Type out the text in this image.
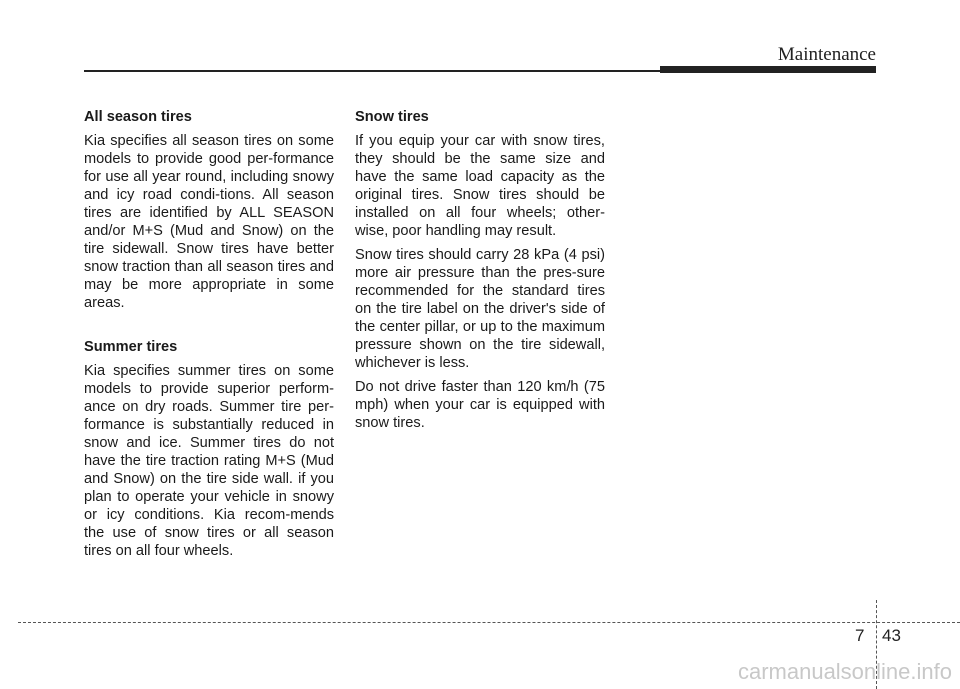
Maintenance
All season tires

Kia specifies all season tires on some models to provide good per-formance for use all year round, including snowy and icy road condi-tions. All season tires are identified by ALL SEASON and/or M+S (Mud and Snow) on the tire sidewall. Snow tires have better snow traction than all season tires and may be more appropriate in some areas.

Summer tires

Kia specifies summer tires on some models to provide superior perform-ance on dry roads. Summer tire per-formance is substantially reduced in snow and ice. Summer tires do not have the tire traction rating M+S (Mud and Snow) on the tire side wall. if you plan to operate your vehicle in snowy or icy conditions. Kia recom-mends the use of snow tires or all season tires on all four wheels.

Snow tires

If you equip your car with snow tires, they should be the same size and have the same load capacity as the original tires. Snow tires should be installed on all four wheels; other-wise, poor handling may result.

Snow tires should carry 28 kPa (4 psi) more air pressure than the pres-sure recommended for the standard tires on the tire label on the driver's side of the center pillar, or up to the maximum pressure shown on the tire sidewall, whichever is less.

Do not drive faster than 120 km/h (75 mph) when your car is equipped with snow tires.

7 43
carmanualsonline.info
